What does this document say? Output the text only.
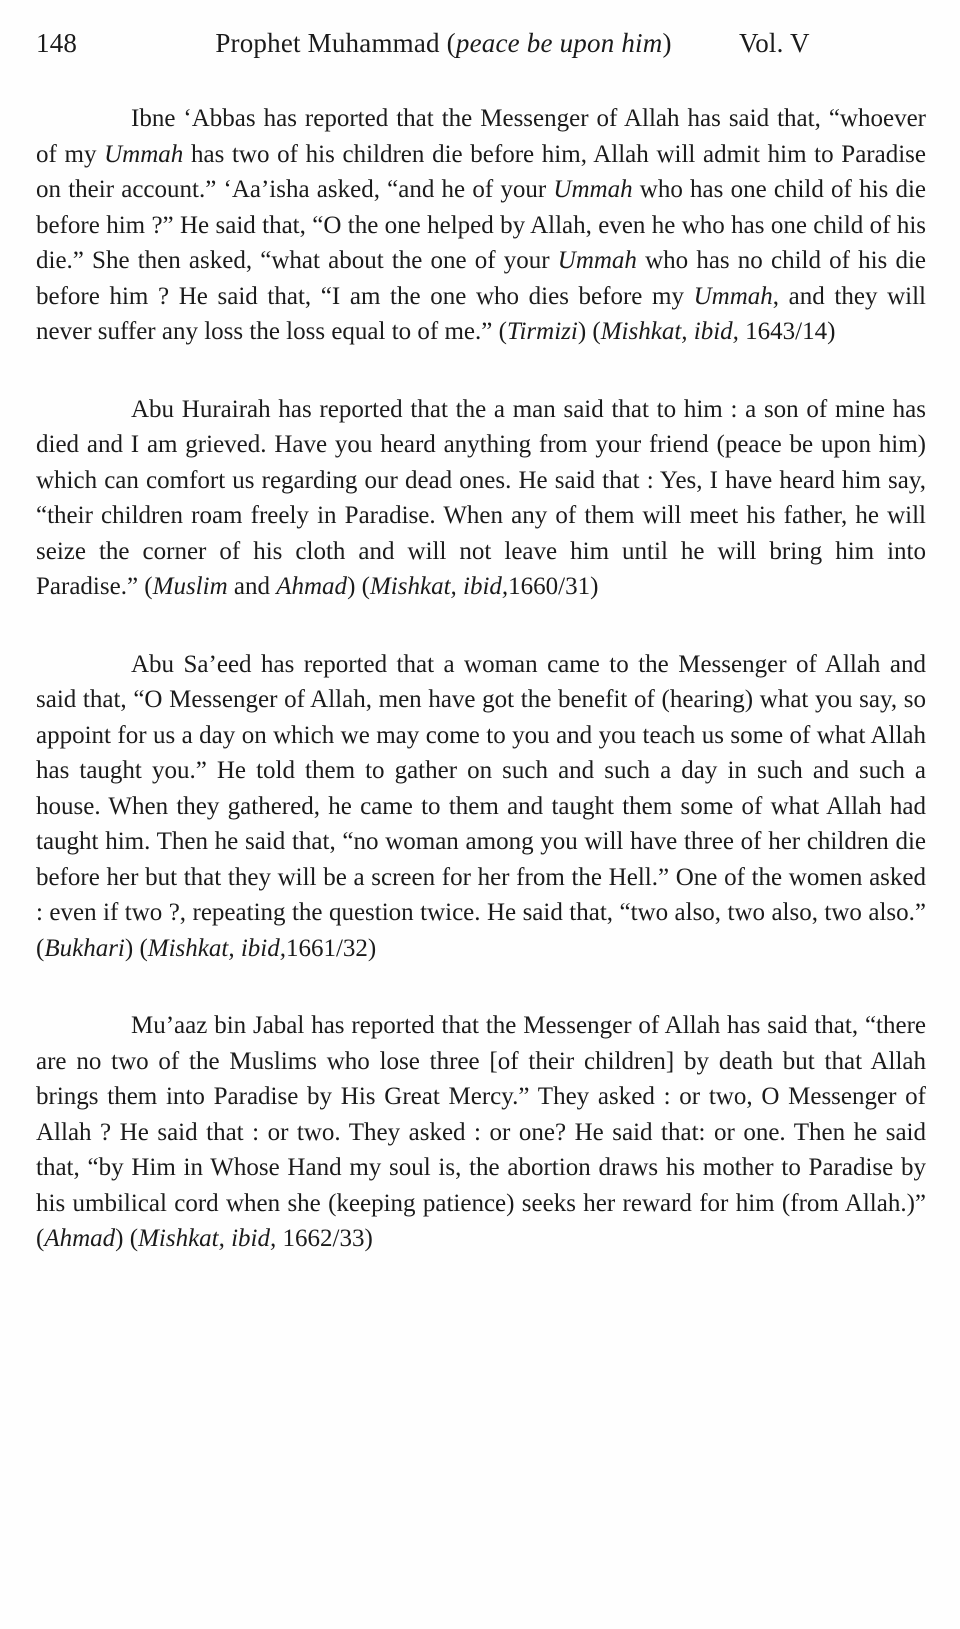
148	Prophet Muhammad (peace be upon him)	Vol. V

Ibne ‘Abbas has reported that the Messenger of Allah has said that, “whoever of my Ummah has two of his children die before him, Allah will admit him to Paradise on their account.” ‘Aa’isha asked, “and he of your Ummah who has one child of his die before him ?” He said that, “O the one helped by Allah, even he who has one child of his die.” She then asked, “what about the one of your Ummah who has no child of his die before him ? He said that, “I am the one who dies before my Ummah, and they will never suffer any loss the loss equal to of me.” (Tirmizi) (Mishkat, ibid, 1643/14)

Abu Hurairah has reported that the a man said that to him : a son of mine has died and I am grieved. Have you heard anything from your friend (peace be upon him) which can comfort us regarding our dead ones. He said that : Yes, I have heard him say, “their children roam freely in Paradise. When any of them will meet his father, he will seize the corner of his cloth and will not leave him until he will bring him into Paradise.” (Muslim and Ahmad) (Mishkat, ibid,1660/31)

Abu Sa’eed has reported that a woman came to the Messenger of Allah and said that, “O Messenger of Allah, men have got the benefit of (hearing) what you say, so appoint for us a day on which we may come to you and you teach us some of what Allah has taught you.” He told them to gather on such and such a day in such and such a house. When they gathered, he came to them and taught them some of what Allah had taught him. Then he said that, “no woman among you will have three of her children die before her but that they will be a screen for her from the Hell.” One of the women asked : even if two ?, repeating the question twice. He said that, “two also, two also, two also.” (Bukhari) (Mishkat, ibid,1661/32)

Mu’aaz bin Jabal has reported that the Messenger of Allah has said that, “there are no two of the Muslims who lose three [of their children] by death but that Allah brings them into Paradise by His Great Mercy.” They asked : or two, O Messenger of Allah ? He said that : or two. They asked : or one? He said that: or one. Then he said that, “by Him in Whose Hand my soul is, the abortion draws his mother to Paradise by his umbilical cord when she (keeping patience) seeks her reward for him (from Allah.)” (Ahmad) (Mishkat, ibid, 1662/33)
